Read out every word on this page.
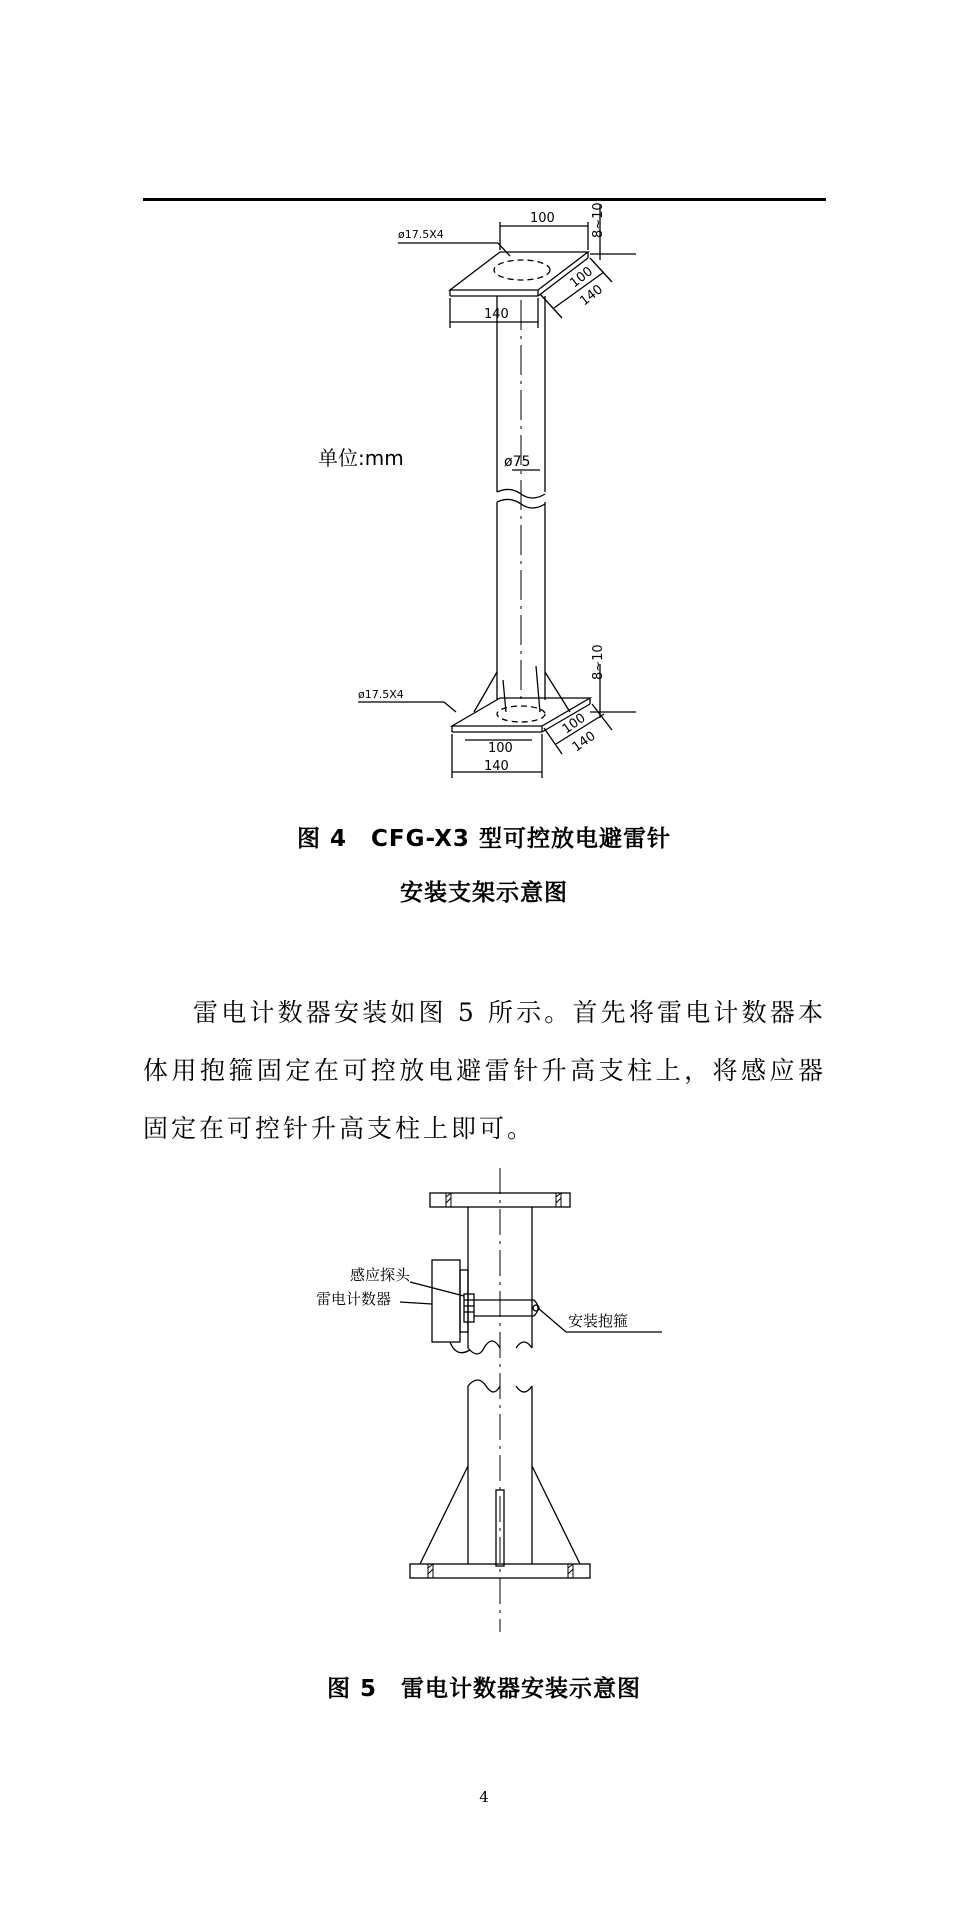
ø17.5X4
100
140
100
140
8~10
ø75
ø17.5X4
8~10
100
140
100
140
单位:mm
图 4　CFG-X3 型可控放电避雷针
安装支架示意图

雷电计数器安装如图 5 所示。首先将雷电计数器本体用抱箍固定在可控放电避雷针升高支柱上，将感应器固定在可控针升高支柱上即可。

感应探头
雷电计数器
安装抱箍
图 5　雷电计数器安装示意图
4
